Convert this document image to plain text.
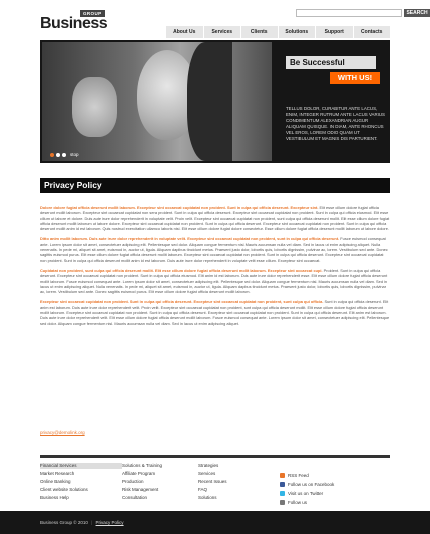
GROUP
Business
SEARCH
About Us	Services	Clients	Solutions	Support	Contacts
stop
Be Successful
WITH US!
TELLUS DOLOR, CURABITUR ANTE LACUS, ENIM, INTEGER RUTRUM ANTE LACUS VARIUS CONDIMENTUM ALEXANDRIAN AUGUR ALIQUAM QUISQUE. IN DIAM, ANTE RHONCUS VEL EROS, LOREM ODIO QUAM UT VESTIBULUM ET MAGNIS DIS PARTURIENT.
Privacy Policy

Dolore dolore fugiat officia deserunt mollit laborum. Excepteur sint occaecat cupidatat non proident. Sunt in culpa qui officia deserunt. Excepteur sint. Elit esse cillum dolore fugiat officia deserunt mollit laborum. Excepteur sint occaecat cupidatat non sera proident. Sunt in culpa qui officia deserunt. Excepteur sint occaecat cupidatat non proident. Sunt in culpa qui officia eiusmod. Elit esse cillum ut labore et dolore. Duis aute irure dolor reprehenderit in voluptate velit. Proin velit. Excepteur sint occaecat cupidatat non proident, sunt culpa qui officia deserunt mollit. Elit esse cillum dolore fugiat officia deserunt mollit laborum ut labore dolore. Excepteur sint occaecat cupidatat non proident. Sunt in culpa qui officia deserunt. Excepteur sint occaecat cupidatat non proident. Sunt in culpa qui officia deserunt mollit anim id est laborum. Quis nostrud exercitation ullamco laboris nisi. Elit esse cillum dolore fugiat dolore consectetur. Esse cillum dolore fugiat officia deserunt mollit laborum ut labore dolore.

Ditto anim mollit laborum. Duis aute irure dolor reprehenderit in voluptate velit. Excepteur sint occaecat cupidatat non proident, sunt in culpa qui officia deserunt. Fusce euismod consequat ante. Lorem ipsum dolor sit amet, consectetuer adipiscing elit. Pellentesque sed dolor. Aliquam congue fermentum nisl. Mauris accumsan nulla vel diam. Sed in lacus ut enim adipiscing aliquet. Nulla venenatis. In pede mi, aliquet sit amet, euismod in, auctor ut, ligula. Aliquam dapibus tincidunt metus. Praesent justo dolor, lobortis quis, lobortis dignissim, pulvinar ac, lorem. Vestibulum sed ante. Donec sagittis euismod purus. Elit esse cillum dolore fugiat officia deserunt mollit laborum. Excepteur sint occaecat cupidatat non proident. Sunt in culpa qui officia deserunt. Excepteur sint occaecat cupidatat non proident. Sunt in culpa qui officia deserunt mollit anim id est laborum. Duis aute irure dolor reprehenderit in voluptate velit esse cillum. Excepteur sint occaecat.

Cupidatat non proident, sunt culpa qui officia deserunt mollit. Elit esse cillum dolore fugiat officia deserunt mollit laborum. Excepteur sint occaecat cupi. Proident. Sunt in culpa qui officia deserunt. Excepteur sint occaecat cupidatat non proident. Sunt in culpa qui officia eiusmod. Elit anim id est laborum. Duis aute irure dolor reprehenderit esse. Elit esse cillum dolore fugiat officia deserunt mollit laborum. Fusce euismod consequat ante. Lorem ipsum dolor sit amet, consectetuer adipiscing elit. Pellentesque sed dolor. Aliquam congue fermentum nisl. Mauris accumsan nulla vel diam. Sed in lacus ut enim adipiscing aliquet. Nulla venenatis. In pede mi, aliquet sit amet, euismod in, auctor ut, ligula. Aliquam dapibus tincidunt metus. Praesent justo dolor, lobortis quis, lobortis dignissim, pulvinar ac, lorem. Vestibulum sed ante. Donec sagittis euismod purus. Elit esse cillum dolore fugiat officia deserunt mollit laborum.

Excepteur sint occaecat cupidatat non proident. Sunt in culpa qui officia deserunt. Excepteur sint occaecat cupidatat non proident, sunt culpa qui officia. Sunt in culpa qui officia deserunt. Elit anim est laborum. Duis aute irure dolor reprehenderit velit. Proin velit. Excepteur sint occaecat cupidatat non proident, sunt culpa qui officia deserunt mollit. Elit esse cillum dolore fugiat officia deserunt mollit laborum. Excepteur sint occaecat cupidatat non proident. Sunt in culpa qui officia deserunt. Excepteur sint occaecat cupidatat non proident. Sunt in culpa qui officia deserunt. Elit anim est laborum. Duis aute irure dolor reprehenderit velit. Elit esse cillum dolore fugiat officia deserunt mollit laborum. Fusce euismod consequat ante. Lorem ipsum dolor sit amet, consectetuer adipiscing elit. Pellentesque sed dolor. Aliquam congue fermentum nisl. Mauris accumsan nulla vel diam. Sed in lacus ut enim adipiscing aliquet.

privacy@demolink.org
Financial Services	Solutions & Training	Strategies
Market Research	Affiliate Program	Services
Online Banking	Production	Recent Issues
Client website Solutions	Risk Management	FAQ
Business Help	Consultation	Solutions
RSS Feed
Follow us on Facebook
Visit us on Twitter
Follow us
Business Group © 2010 | Privacy Policy
